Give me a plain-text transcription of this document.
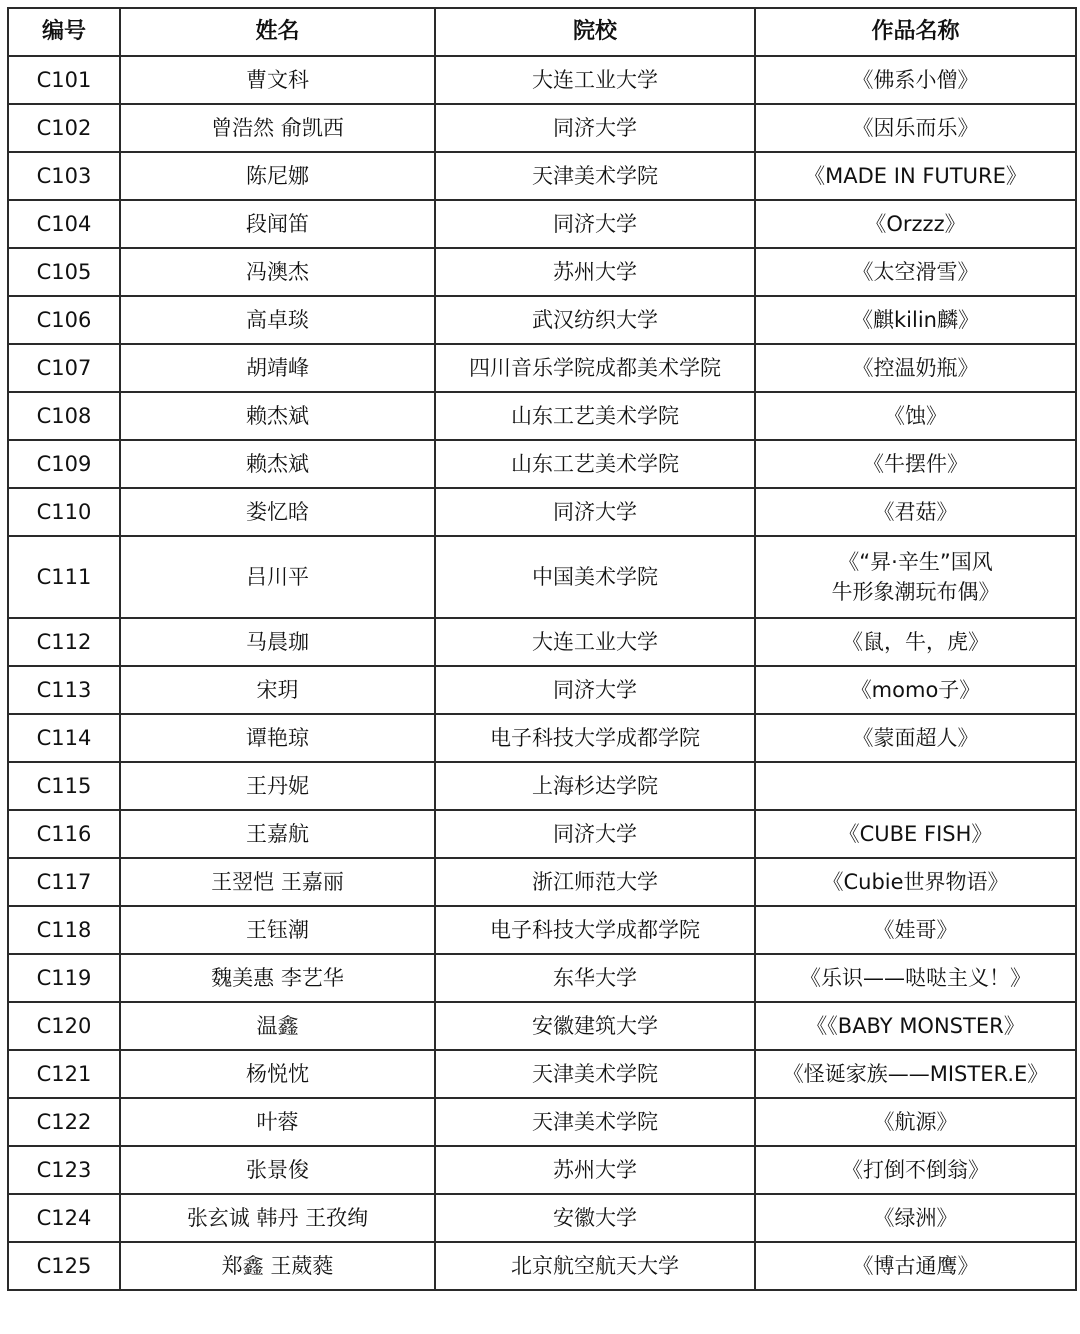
编号	姓名	院校	作品名称
C101	曹文科	大连工业大学	《佛系小僧》

C102	曾浩然 俞凯西	同济大学	《因乐而乐》

C103	陈尼娜	天津美术学院	《MADE IN FUTURE》

C104	段闻笛	同济大学	《Orzzz》

C105	冯澳杰	苏州大学	《太空滑雪》

C106	高卓琰	武汉纺织大学	《麒kilin麟》

C107	胡靖峰	四川音乐学院成都美术学院	《控温奶瓶》

C108	赖杰斌	山东工艺美术学院	《蚀》

C109	赖杰斌	山东工艺美术学院	《牛摆件》

C110	娄忆晗	同济大学	《君菇》

C111	吕川平	中国美术学院	《“昇·辛生”国风
牛形象潮玩布偶》

C112	马晨珈	大连工业大学	《鼠，牛，虎》

C113	宋玥	同济大学	《momo子》

C114	谭艳琼	电子科技大学成都学院	《蒙面超人》

C115	王丹妮	上海杉达学院	

C116	王嘉航	同济大学	《CUBE FISH》

C117	王翌恺 王嘉丽	浙江师范大学	《Cubie世界物语》

C118	王钰潮	电子科技大学成都学院	《娃哥》

C119	魏美惠 李艺华	东华大学	《乐识——哒哒主义！》

C120	温鑫	安徽建筑大学	《《BABY MONSTER》

C121	杨悦忱	天津美术学院	《怪诞家族——MISTER.E》

C122	叶蓉	天津美术学院	《航源》

C123	张景俊	苏州大学	《打倒不倒翁》

C124	张玄诚 韩丹 王孜绚	安徽大学	《绿洲》

C125	郑鑫 王葳蕤	北京航空航天大学	《博古通鹰》
